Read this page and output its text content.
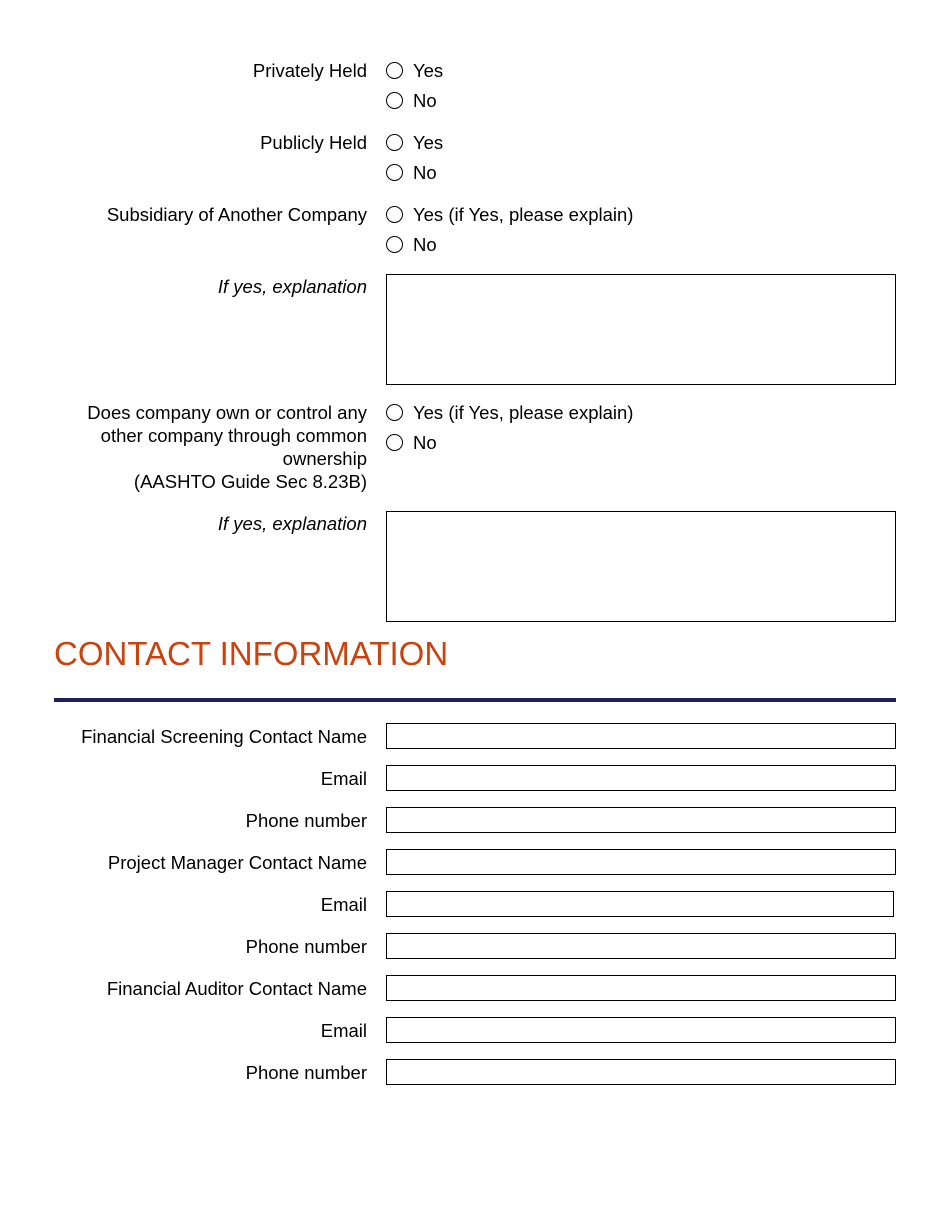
Privately Held Yes
No
Publicly Held Yes
No
Subsidiary of Another Company Yes (if Yes, please explain)
No
If yes, explanation
Does company own or control any
other company through common
ownership
(AASHTO Guide Sec 8.23B)
Yes (if Yes, please explain)
No
If yes, explanation
CONTACT INFORMATION
Financial Screening Contact Name
Email
Phone number
Project Manager Contact Name
Email
Phone number
Financial Auditor Contact Name
Email
Phone number
